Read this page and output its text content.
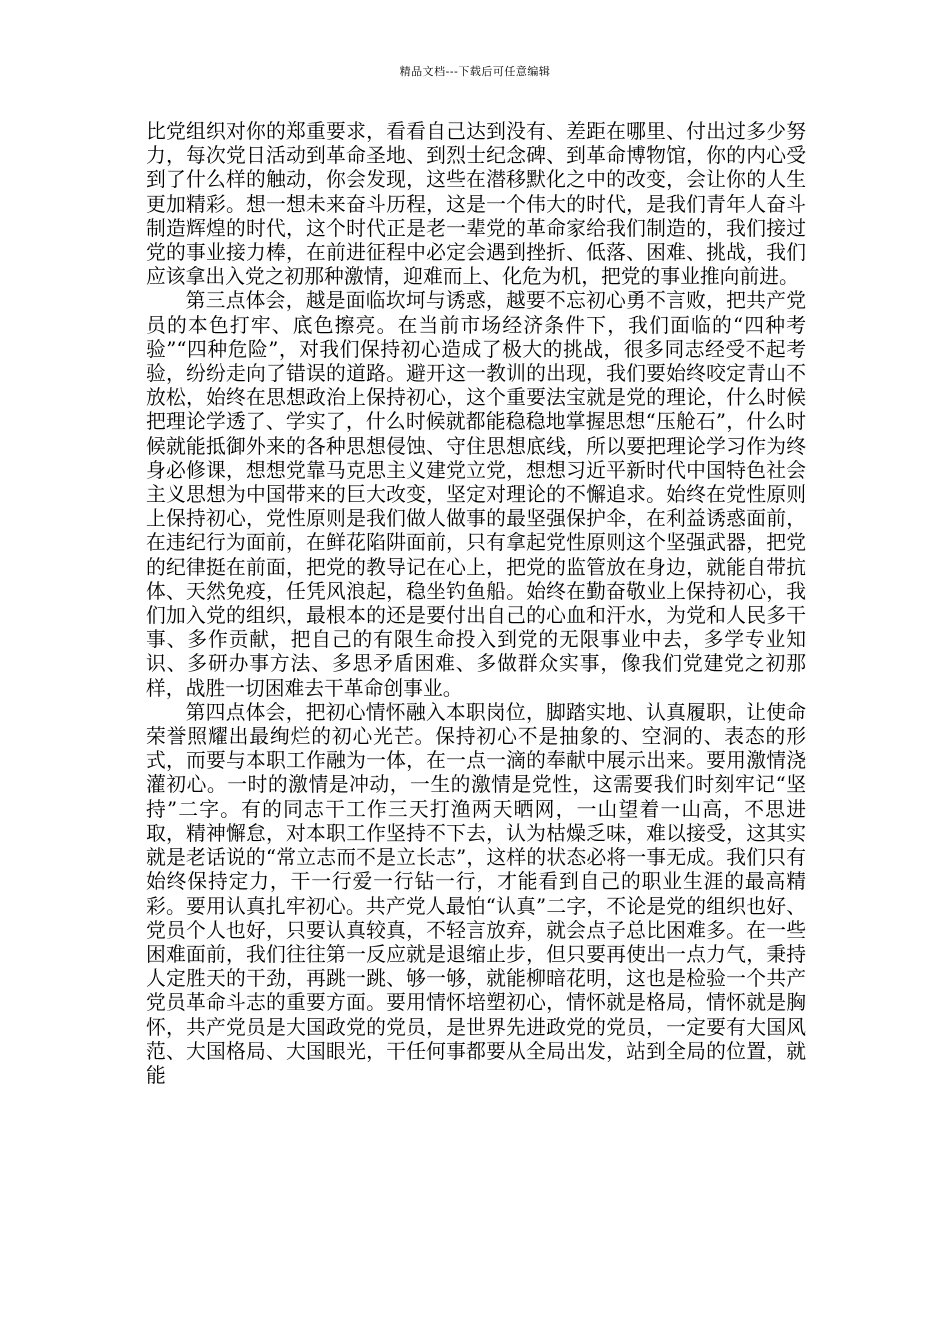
精品文档---下载后可任意编辑

比党组织对你的郑重要求，看看自己达到没有、差距在哪里、付出过多少努力，每次党日活动到革命圣地、到烈士纪念碑、到革命博物馆，你的内心受到了什么样的触动，你会发现，这些在潜移默化之中的改变，会让你的人生更加精彩。想一想未来奋斗历程，这是一个伟大的时代，是我们青年人奋斗制造辉煌的时代，这个时代正是老一辈党的革命家给我们制造的，我们接过党的事业接力棒，在前进征程中必定会遇到挫折、低落、困难、挑战，我们应该拿出入党之初那种激情，迎难而上、化危为机，把党的事业推向前进。

第三点体会，越是面临坎坷与诱惑，越要不忘初心勇不言败，把共产党员的本色打牢、底色擦亮。在当前市场经济条件下，我们面临的“四种考验”“四种危险”，对我们保持初心造成了极大的挑战，很多同志经受不起考验，纷纷走向了错误的道路。避开这一教训的出现，我们要始终咬定青山不放松，始终在思想政治上保持初心，这个重要法宝就是党的理论，什么时候把理论学透了、学实了，什么时候就都能稳稳地掌握思想“压舱石”，什么时候就能抵御外来的各种思想侵蚀、守住思想底线，所以要把理论学习作为终身必修课，想想党靠马克思主义建党立党，想想习近平新时代中国特色社会主义思想为中国带来的巨大改变，坚定对理论的不懈追求。始终在党性原则上保持初心，党性原则是我们做人做事的最坚强保护伞，在利益诱惑面前，在违纪行为面前，在鲜花陷阱面前，只有拿起党性原则这个坚强武器，把党的纪律挺在前面，把党的教导记在心上，把党的监管放在身边，就能自带抗体、天然免疫，任凭风浪起，稳坐钓鱼船。始终在勤奋敬业上保持初心，我们加入党的组织，最根本的还是要付出自己的心血和汗水，为党和人民多干事、多作贡献，把自己的有限生命投入到党的无限事业中去，多学专业知识、多研办事方法、多思矛盾困难、多做群众实事，像我们党建党之初那样，战胜一切困难去干革命创事业。

第四点体会，把初心情怀融入本职岗位，脚踏实地、认真履职，让使命荣誉照耀出最绚烂的初心光芒。保持初心不是抽象的、空洞的、表态的形式，而要与本职工作融为一体，在一点一滴的奉献中展示出来。要用激情浇灌初心。一时的激情是冲动，一生的激情是党性，这需要我们时刻牢记“坚持”二字。有的同志干工作三天打渔两天晒网，一山望着一山高，不思进取，精神懈怠，对本职工作坚持不下去，认为枯燥乏味，难以接受，这其实就是老话说的“常立志而不是立长志”，这样的状态必将一事无成。我们只有始终保持定力，干一行爱一行钻一行，才能看到自己的职业生涯的最高精彩。要用认真扎牢初心。共产党人最怕“认真”二字，不论是党的组织也好、党员个人也好，只要认真较真，不轻言放弃，就会点子总比困难多。在一些困难面前，我们往往第一反应就是退缩止步，但只要再使出一点力气，秉持人定胜天的干劲，再跳一跳、够一够，就能柳暗花明，这也是检验一个共产党员革命斗志的重要方面。要用情怀培塑初心，情怀就是格局，情怀就是胸怀，共产党员是大国政党的党员，是世界先进政党的党员，一定要有大国风范、大国格局、大国眼光，干任何事都要从全局出发，站到全局的位置，就能
